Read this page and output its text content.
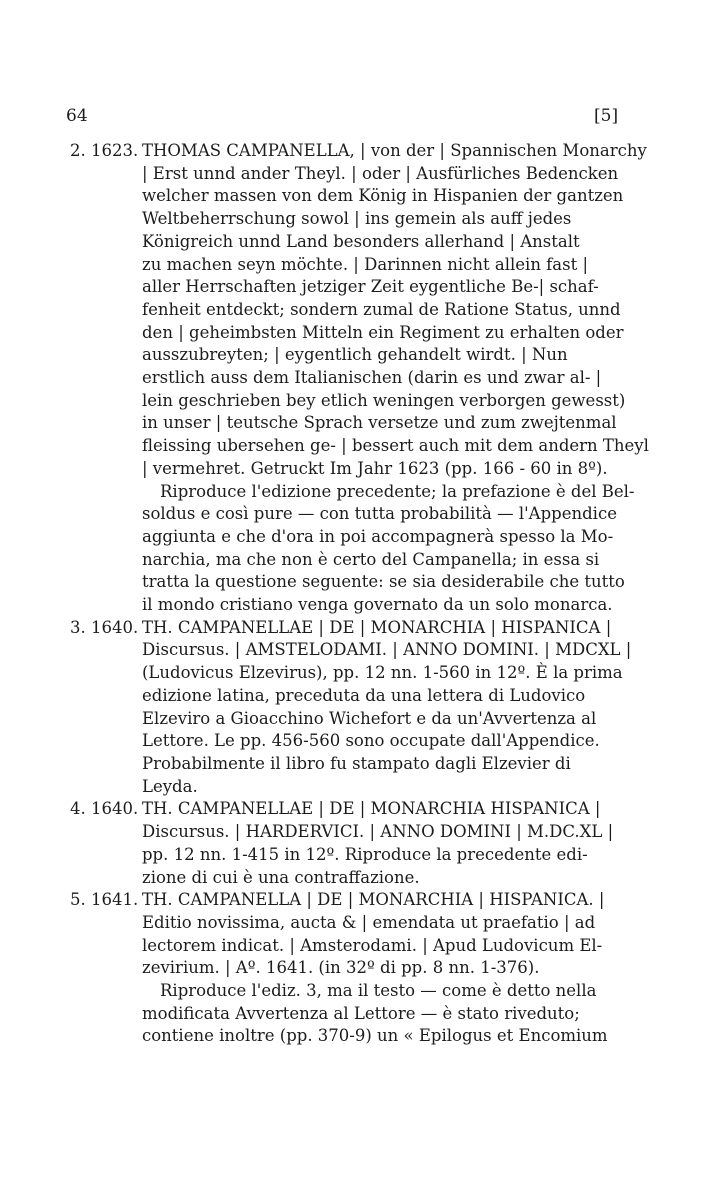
64	[5]
2. 1623. THOMAS CAMPANELLA, | von der | Spannischen Monarchy
| Erst unnd ander Theyl. | oder | Ausfürliches Bedencken
welcher massen von dem König in Hispanien der gantzen
Weltbeherrschung sowol | ins gemein als auff jedes
Königreich unnd Land besonders allerhand | Anstalt
zu machen seyn möchte. | Darinnen nicht allein fast |
aller Herrschaften jetziger Zeit eygentliche Be-| schaf-
fenheit entdeckt; sondern zumal de Ratione Status, unnd
den | geheimbsten Mitteln ein Regiment zu erhalten oder
ausszubreyten; | eygentlich gehandelt wirdt. | Nun
erstlich auss dem Italianischen (darin es und zwar al- |
lein geschrieben bey etlich weningen verborgen gewesst)
in unser | teutsche Sprach versetze und zum zwejtenmal
fleissing ubersehen ge- | bessert auch mit dem andern Theyl
| vermehret. Getruckt Im Jahr 1623 (pp. 166 - 60 in 8º).
Riproduce l'edizione precedente; la prefazione è del Bel-
soldus e così pure — con tutta probabilità — l'Appendice
aggiunta e che d'ora in poi accompagnerà spesso la Mo-
narchia, ma che non è certo del Campanella; in essa si
tratta la questione seguente: se sia desiderabile che tutto
il mondo cristiano venga governato da un solo monarca.
3. 1640. TH. CAMPANELLAE | DE | MONARCHIA | HISPANICA |
Discursus. | AMSTELODAMI. | ANNO DOMINI. | MDCXL |
(Ludovicus Elzevirus), pp. 12 nn. 1-560 in 12º. È la prima
edizione latina, preceduta da una lettera di Ludovico
Elzeviro a Gioacchino Wichefort e da un'Avvertenza al
Lettore. Le pp. 456-560 sono occupate dall'Appendice.
Probabilmente il libro fu stampato dagli Elzevier di
Leyda.
4. 1640. TH. CAMPANELLAE | DE | MONARCHIA HISPANICA |
Discursus. | HARDERVICI. | ANNO DOMINI | M.DC.XL |
pp. 12 nn. 1-415 in 12º. Riproduce la precedente edi-
zione di cui è una contraffazione.
5. 1641. TH. CAMPANELLA | DE | MONARCHIA | HISPANICA. |
Editio novissima, aucta & | emendata ut praefatio | ad
lectorem indicat. | Amsterodami. | Apud Ludovicum El-
zevirium. | Aº. 1641. (in 32º di pp. 8 nn. 1-376).
Riproduce l'ediz. 3, ma il testo — come è detto nella
modificata Avvertenza al Lettore — è stato riveduto;
contiene inoltre (pp. 370-9) un « Epilogus et Encomium
